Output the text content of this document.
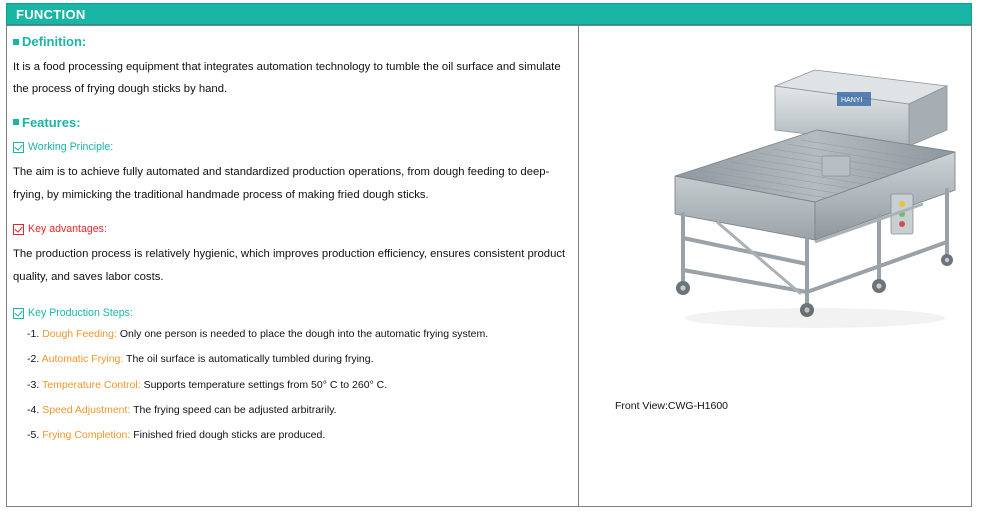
FUNCTION
Definition:

It is a food processing equipment that integrates automation technology to tumble the oil surface and simulate the process of frying dough sticks by hand.

Features:
Working Principle:

The aim is to achieve fully automated and standardized production operations, from dough feeding to deep-frying, by mimicking the traditional handmade process of making fried dough sticks.

Key advantages:

The production process is relatively hygienic, which improves production efficiency, ensures consistent product quality, and saves labor costs.

Key Production Steps:
-1. Dough Feeding: Only one person is needed to place the dough into the automatic frying system.
-2. Automatic Frying: The oil surface is automatically tumbled during frying.
-3. Temperature Control: Supports temperature settings from 50° C to 260° C.
-4. Speed Adjustment: The frying speed can be adjusted arbitrarily.
-5. Frying Completion: Finished fried dough sticks are produced.
HANYI
Front View:CWG-H1600
